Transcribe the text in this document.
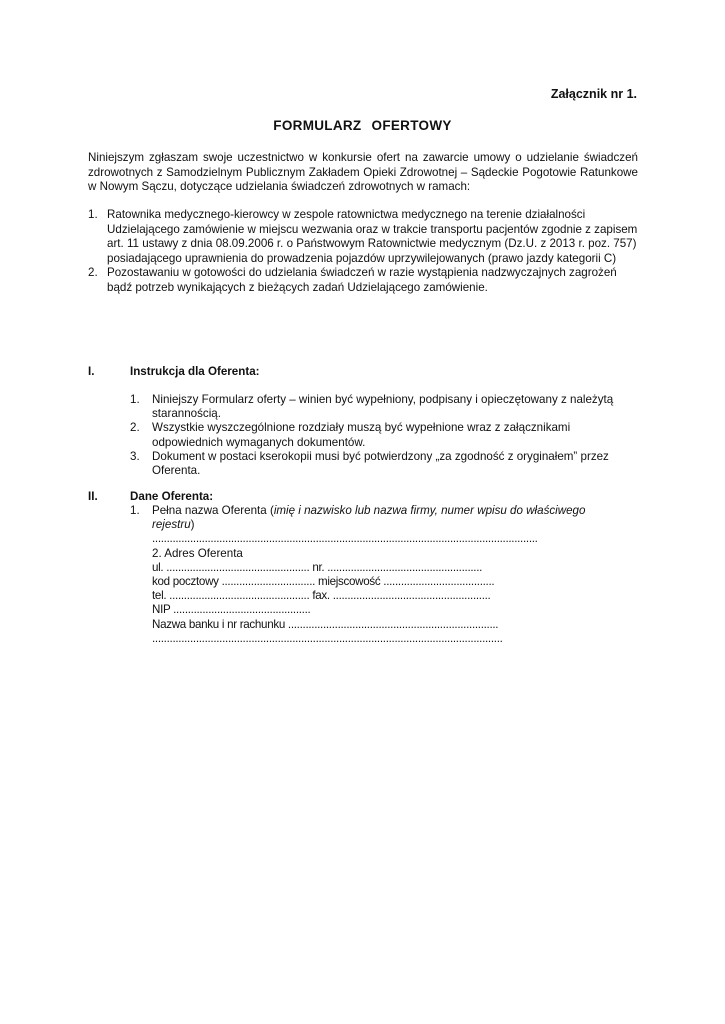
Załącznik nr 1.
FORMULARZ OFERTOWY

Niniejszym zgłaszam swoje uczestnictwo w konkursie ofert na zawarcie umowy o udzielanie świadczeń zdrowotnych z Samodzielnym Publicznym Zakładem Opieki Zdrowotnej – Sądeckie Pogotowie Ratunkowe w Nowym Sączu, dotyczące udzielania świadczeń zdrowotnych w ramach:

1. Ratownika medycznego-kierowcy w zespole ratownictwa medycznego na terenie działalności Udzielającego zamówienie w miejscu wezwania oraz w trakcie transportu pacjentów zgodnie z zapisem art. 11 ustawy z dnia 08.09.2006 r. o Państwowym Ratownictwie medycznym (Dz.U. z 2013 r. poz. 757) posiadającego uprawnienia do prowadzenia pojazdów uprzywilejowanych (prawo jazdy kategorii C)
2. Pozostawaniu w gotowości do udzielania świadczeń w razie wystąpienia nadzwyczajnych zagrożeń bądź potrzeb wynikających z bieżących zadań Udzielającego zamówienie.
I.	Instrukcja dla Oferenta:
1. Niniejszy Formularz oferty – winien być wypełniony, podpisany i opieczętowany z należytą starannością.
2. Wszystkie wyszczególnione rozdziały muszą być wypełnione wraz z załącznikami odpowiednich wymaganych dokumentów.
3. Dokument w postaci kserokopii musi być potwierdzony „za zgodność z oryginałem” przez Oferenta.
II.	Dane Oferenta:
1. Pełna nazwa Oferenta (imię i nazwisko lub nazwa firmy, numer wpisu do właściwego
rejestru)
....................................................................................................................................
2. Adres Oferenta
ul. ................................................. nr. .....................................................
kod pocztowy ................................ miejscowość ......................................
tel. ................................................ fax. ......................................................
NIP ...............................................
Nazwa banku i nr rachunku ........................................................................
........................................................................................................................
